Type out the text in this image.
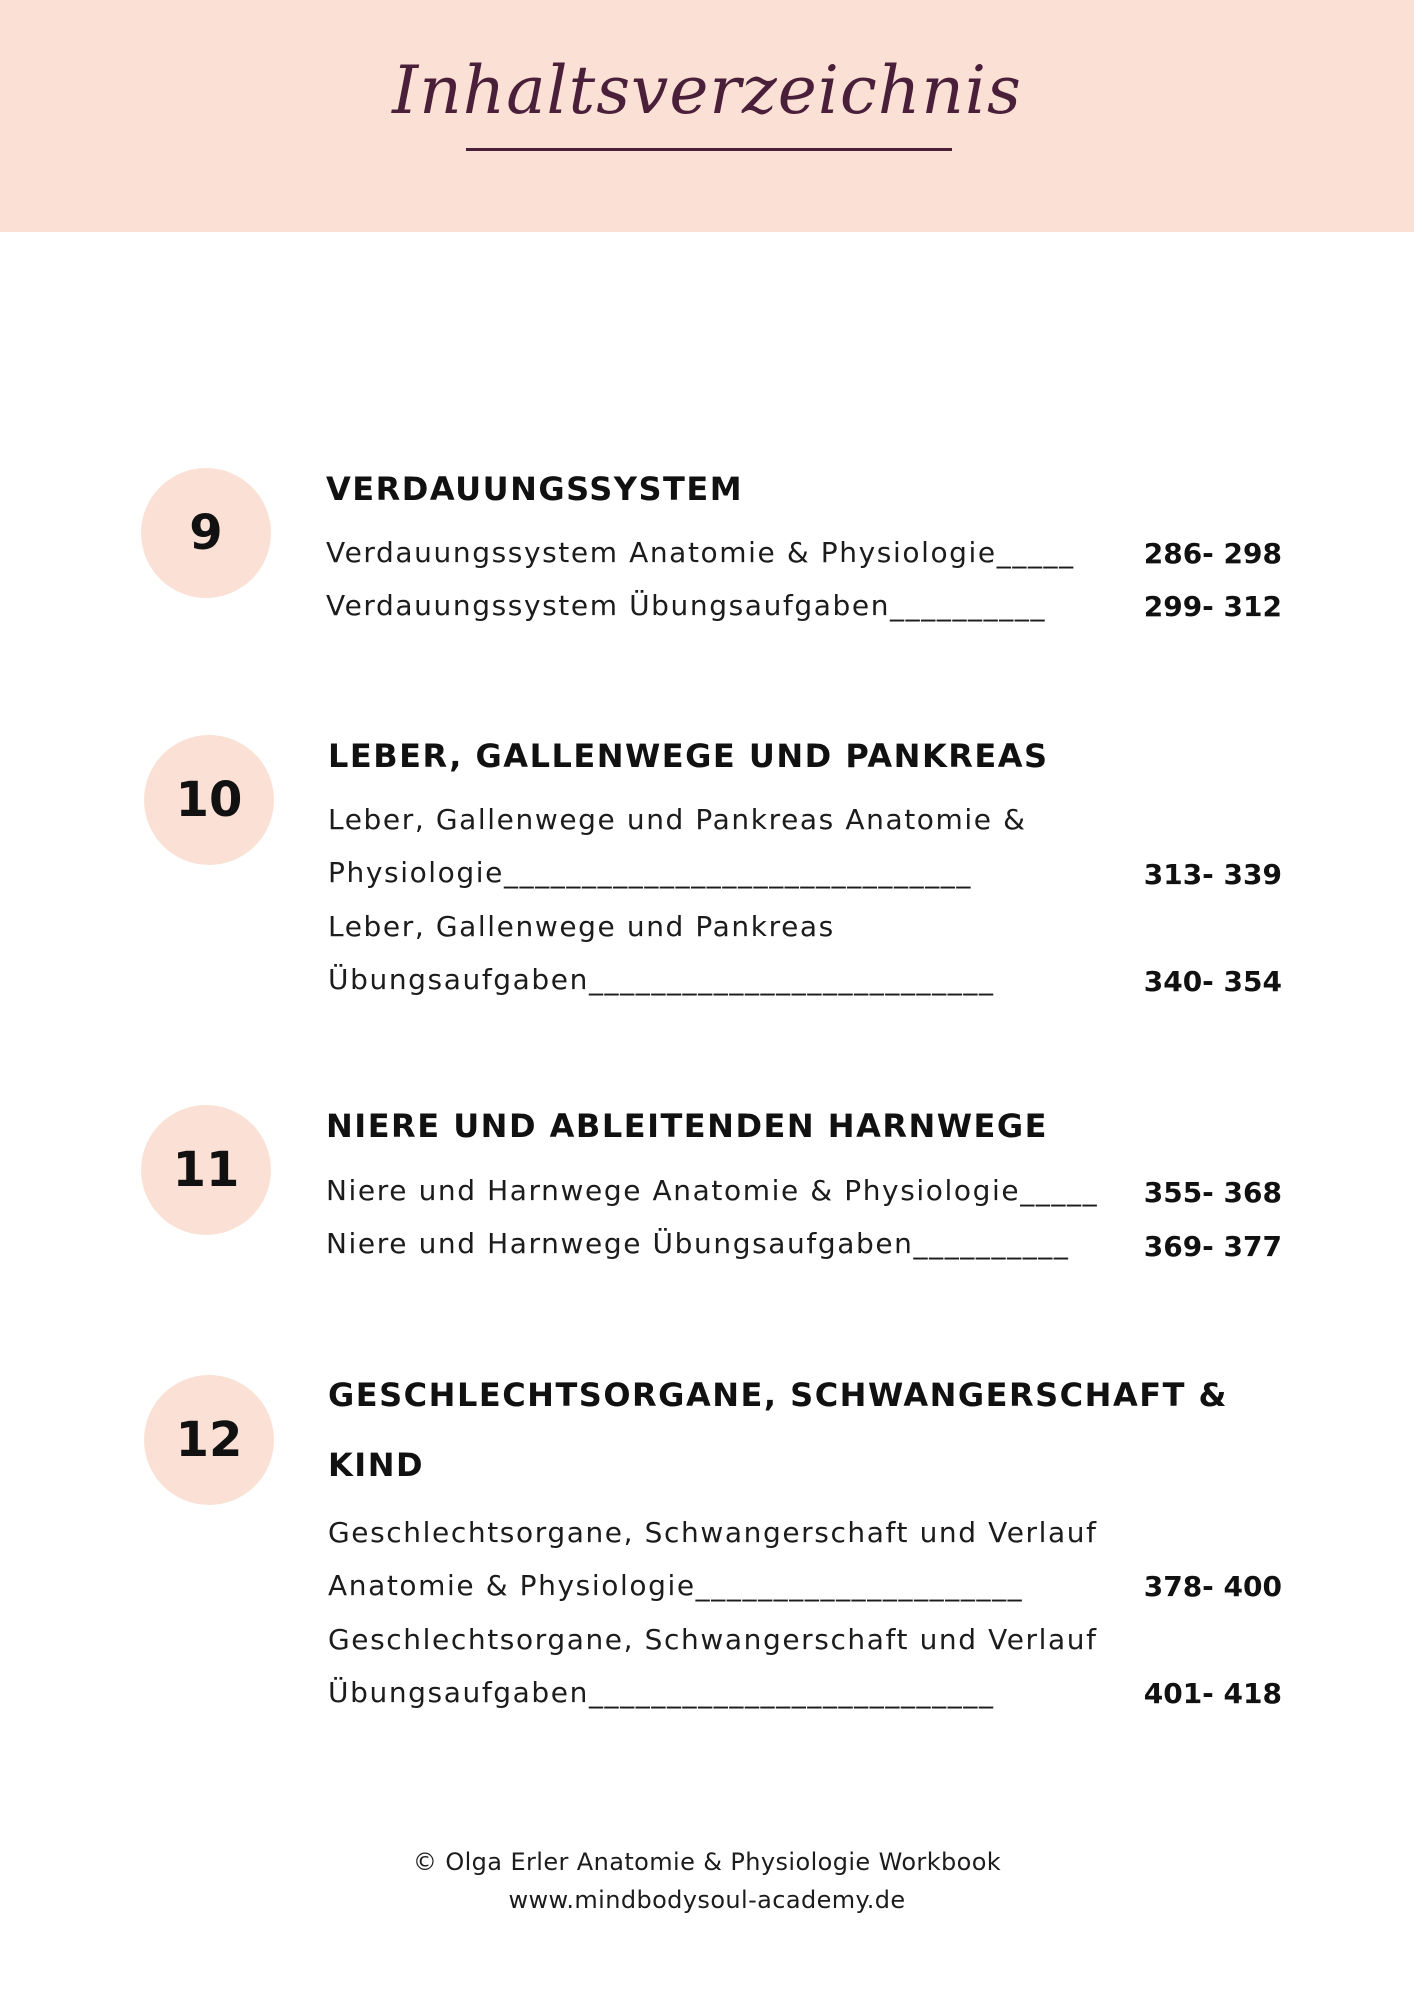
Inhaltsverzeichnis
9
VERDAUUNGSSYSTEM
Verdauungssystem Anatomie & Physiologie_____ 286- 298
Verdauungssystem Übungsaufgaben__________	299- 312
10
LEBER, GALLENWEGE UND PANKREAS
Leber, Gallenwege und Pankreas Anatomie &
Physiologie______________________________	313- 339
Leber, Gallenwege und Pankreas
Übungsaufgaben__________________________	340- 354
11
NIERE UND ABLEITENDEN HARNWEGE
Niere und Harnwege Anatomie & Physiologie_____ 355- 368
Niere und Harnwege Übungsaufgaben__________	369- 377
12
GESCHLECHTSORGANE, SCHWANGERSCHAFT &
KIND
Geschlechtsorgane, Schwangerschaft und Verlauf
Anatomie & Physiologie_____________________	378- 400
Geschlechtsorgane, Schwangerschaft und Verlauf
Übungsaufgaben__________________________	401- 418
© Olga Erler Anatomie & Physiologie Workbook
www.mindbodysoul-academy.de
